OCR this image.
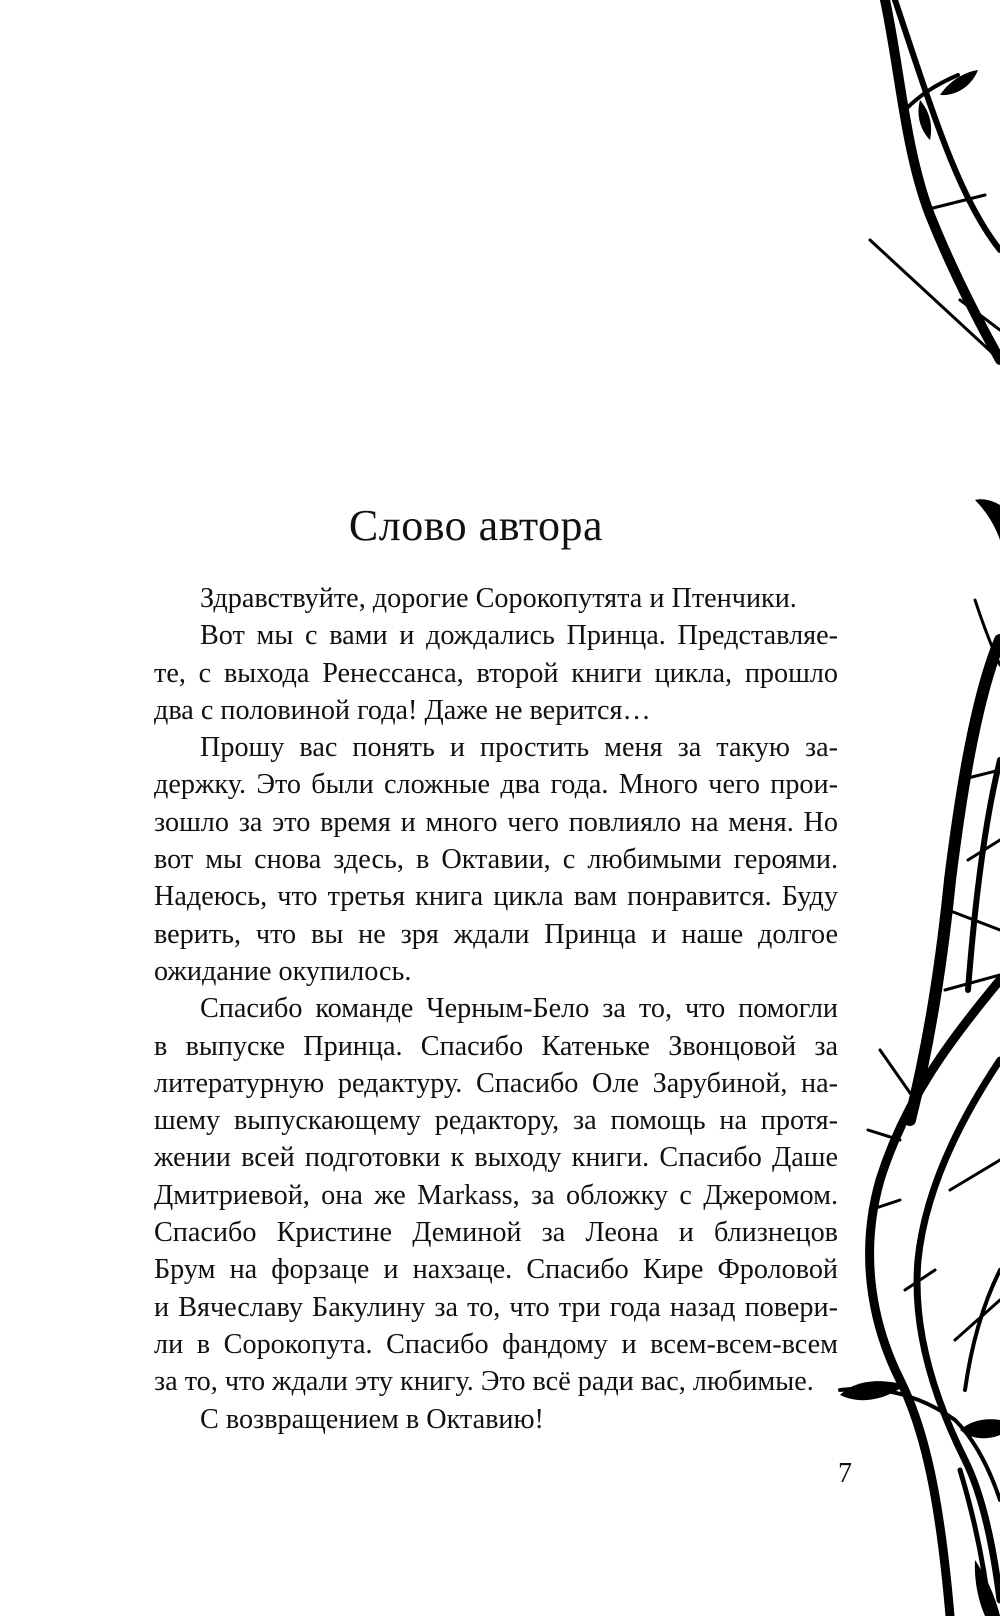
Слово автора

Здравствуйте, дорогие Сорокопутята и Птенчики.

Вот мы с вами и дождались Принца. Представляе-
те, с выхода Ренессанса, второй книги цикла, прошло
два с половиной года! Даже не верится…

Прошу вас понять и простить меня за такую за-
держку. Это были сложные два года. Много чего прои-
зошло за это время и много чего повлияло на меня. Но
вот мы снова здесь, в Октавии, с любимыми героями.
Надеюсь, что третья книга цикла вам понравится. Буду
верить, что вы не зря ждали Принца и наше долгое
ожидание окупилось.

Спасибо команде Черным-Бело за то, что помогли
в выпуске Принца. Спасибо Катеньке Звонцовой за
литературную редактуру. Спасибо Оле Зарубиной, на-
шему выпускающему редактору, за помощь на протя-
жении всей подготовки к выходу книги. Спасибо Даше
Дмитриевой, она же Markass, за обложку с Джеромом.
Спасибо Кристине Деминой за Леона и близнецов
Брум на форзаце и нахзаце. Спасибо Кире Фроловой
и Вячеславу Бакулину за то, что три года назад повери-
ли в Сорокопута. Спасибо фандому и всем-всем-всем
за то, что ждали эту книгу. Это всё ради вас, любимые.

С возвращением в Октавию!

7
